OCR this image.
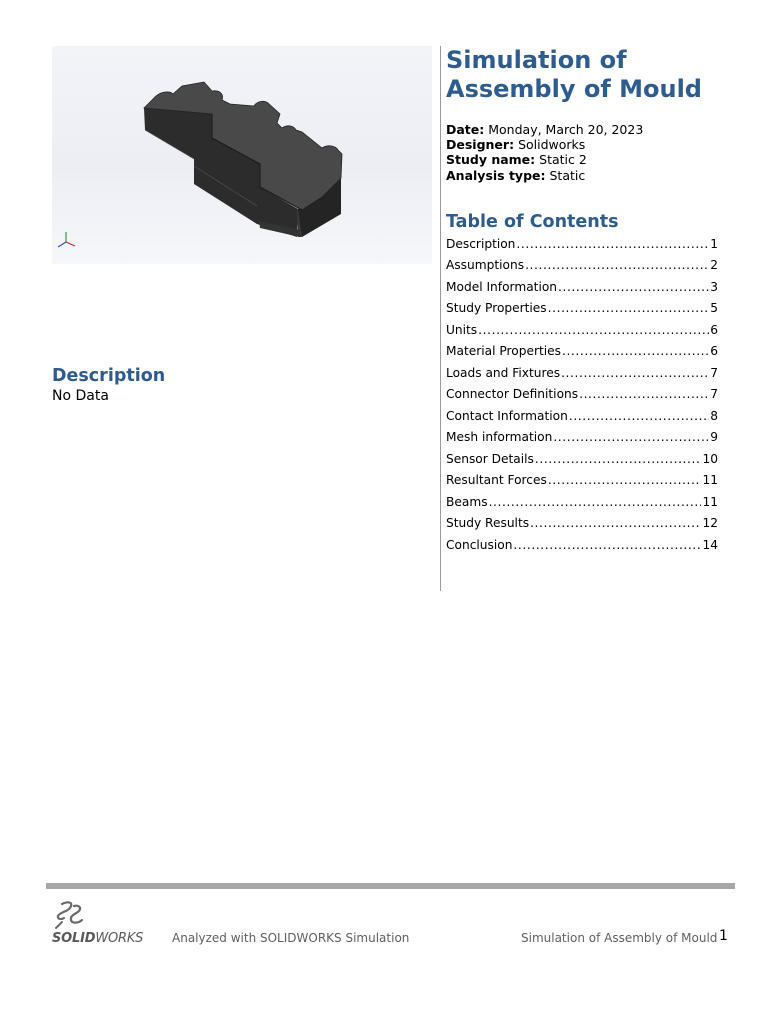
Simulation of Assembly of Mould
Date: Monday, March 20, 2023
Designer: Solidworks
Study name: Static 2
Analysis type: Static
Table of Contents
Description .....	1
Assumptions .....	2
Model Information .....	3
Study Properties .....	5
Units .....	6
Material Properties .....	6
Loads and Fixtures .....	7
Connector Definitions .....	7
Contact Information .....	8
Mesh information .....	9
Sensor Details .....	10
Resultant Forces .....	11
Beams .....	11
Study Results .....	12
Conclusion .....	14
Description
No Data
SOLIDWORKS Analyzed with SOLIDWORKS Simulation	Simulation of Assembly of Mould 1
